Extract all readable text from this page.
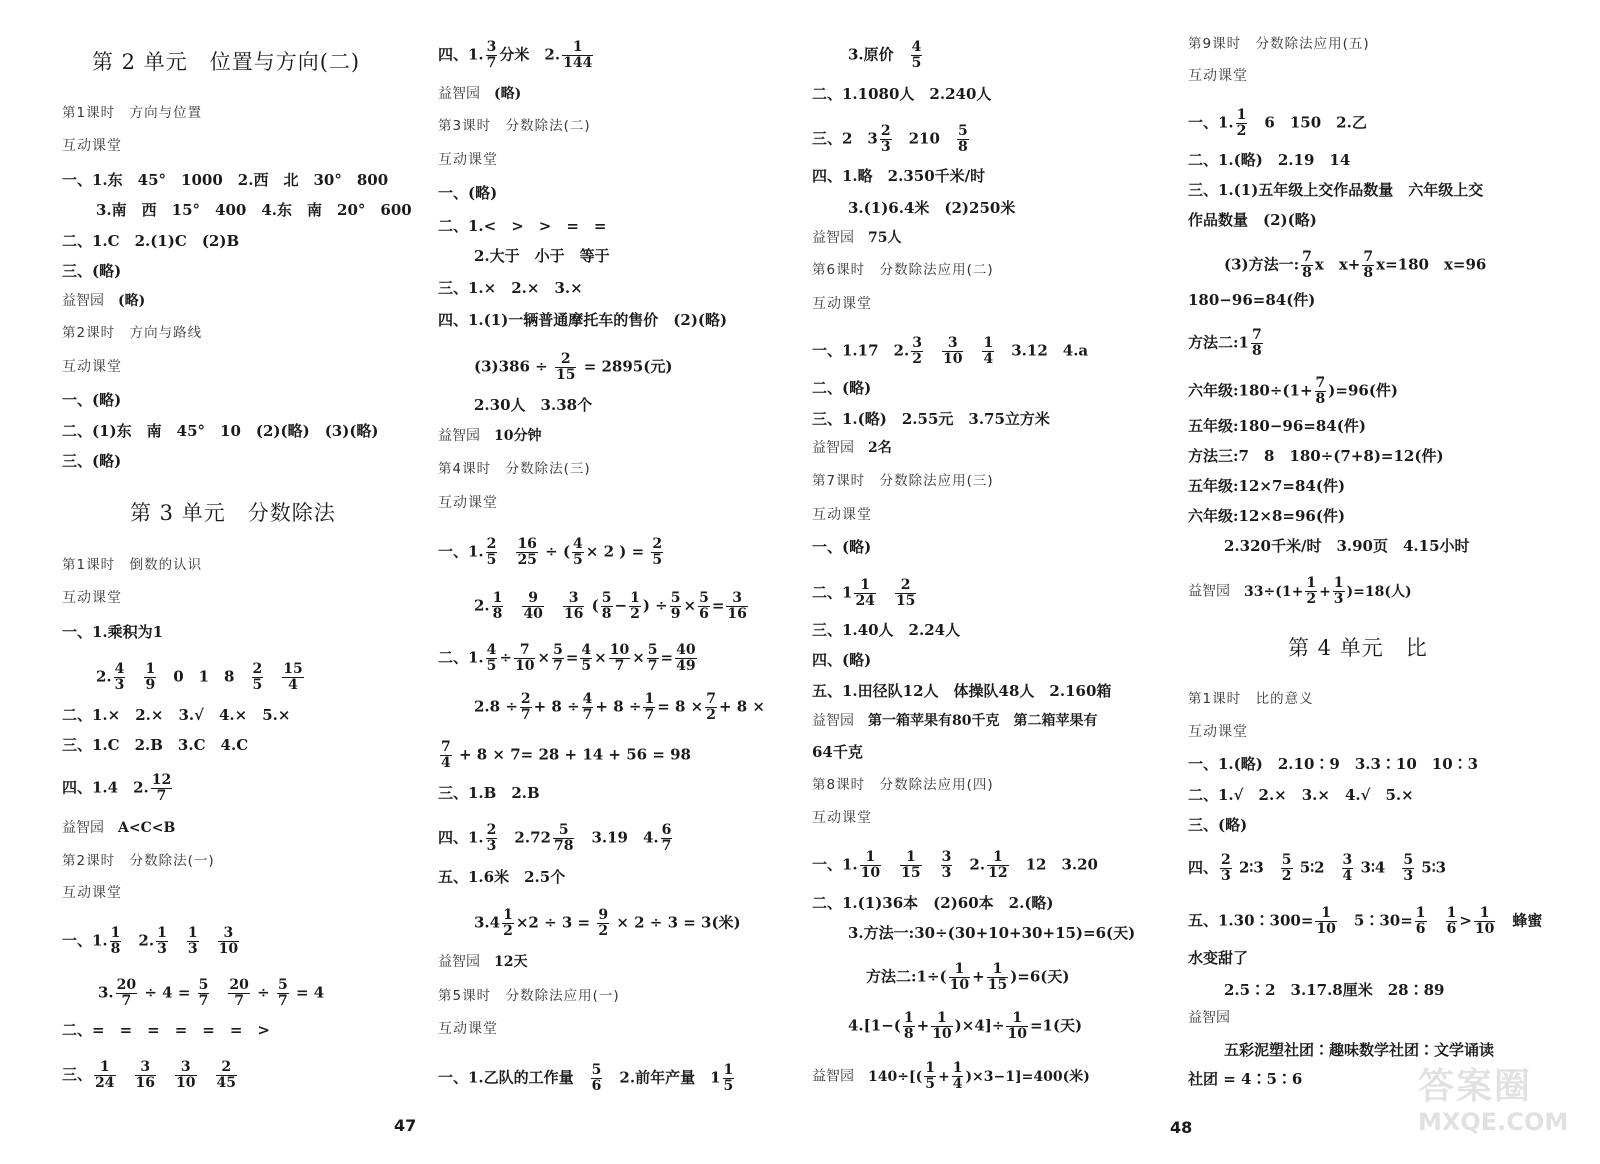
第 2 单元　位置与方向(二)
第1课时　方向与位置
互动课堂
一、1.东　45°　1000　2.西　北　30°　800
3.南　西　15°　400　4.东　南　20°　600
二、1.C　2.(1)C　(2)B
三、(略)
益智园　 (略)
第2课时　方向与路线
互动课堂
一、(略)
二、(1)东　南　45°　10　(2)(略)　(3)(略)
三、(略)
第 3 单元　分数除法
第1课时　倒数的认识
互动课堂
一、1.乘积为1
2. $\frac{4}{3}$
　 $\frac{1}{9}$ 　0　1　8　 $\frac{2}{5}$
　 $\frac{15}{4}$
二、1.×　2.×　3.√　4.×　5.×
三、1.C　2.B　3.C　4.C
四、1.4　2. $\frac{12}{7}$
益智园　 A<C<B
第2课时　分数除法(一)
互动课堂
一、1. $\frac{1}{8}$ 　2. $\frac{1}{3}$
　 $\frac{1}{3}$
　 $\frac{3}{10}$
3. $\frac{20}{7} \div 4 = \frac{5}{7}$
　 $\frac{20}{7} \div \frac{5}{7} = 4$
二、=　=　=　=　=　=　>
三、 $\frac{1}{24}$
　 $\frac{3}{16}$
　 $\frac{3}{10}$
　 $\frac{2}{45}$
四、1. $\frac{3}{7}$ 分米　2. $\frac{1}{144}$
益智园　 (略)
第3课时　分数除法(二)
互动课堂
一、(略)
二、1.<　>　>　=　=
2.大于　小于　等于
三、1.×　2.×　3.×
四、1.(1)一辆普通摩托车的售价　(2)(略)
$(3)386 \div \frac{2}{15} = 2895$(元)
2.30人　3.38个
益智园　 10分钟
第4课时　分数除法(三)
互动课堂
一、1. $\frac{2}{5}$
　 $\frac{16}{25}$ ÷ ( $\frac{4}{5} \times 2$ ) = $\frac{2}{5}$
2. $\frac{1}{8}$
　 $\frac{9}{40}$
　 $\frac{3}{16}$ ( $\frac{5}{8} - \frac{1}{2}$ ) ÷ $\frac{5}{9} \times \frac{5}{6} = \frac{3}{16}$
二、1. $\frac{4}{5} \div \frac{7}{10} \times \frac{5}{7} = \frac{4}{5} \times \frac{10}{7} \times \frac{5}{7} = \frac{40}{49}$
$2.8 \div \frac{2}{7} + 8 \div \frac{4}{7} + 8 \div \frac{1}{7} = 8 \times \frac{7}{2} + 8$ ×
$\frac{7}{4} + 8 \times 7= 28 + 14 + 56 = 98$
三、1.B　2.B
四、1. $\frac{2}{3}$ 　$2.72 \frac{5}{78}$ 　3.19　4. $\frac{6}{7}$
五、1.6米　2.5个
$3.4 \frac{1}{2} \times 2 \div 3 = \frac{9}{2} \times 2 \div 3 = 3$(米)
益智园　 12天
第5课时　分数除法应用(一)
互动课堂
一、1.乙队的工作量　 $\frac{5}{6}$ 　2.前年产量　$1 \frac{1}{5}$
3.原价　 $\frac{4}{5}$
二、1.1080人　2.240人
三、2　$3 \frac{2}{3}$ 　210　 $\frac{5}{8}$
四、1.略　2.350千米/时
3.(1)6.4米　(2)250米
益智园　 75人
第6课时　分数除法应用(二)
互动课堂
一、1.17　2. $\frac{3}{2}$
　 $\frac{3}{10}$
　 $\frac{1}{4}$ 　3.12　4.a
二、(略)
三、1.(略)　2.55元　3.75立方米
益智园　 2名
第7课时　分数除法应用(三)
互动课堂
一、(略)
二、$1 \frac{1}{24}$
　 $\frac{2}{15}$
三、1.40人　2.24人
四、(略)
五、1.田径队12人　体操队48人　2.160箱
益智园　 第一箱苹果有80千克　第二箱苹果有
64千克
第8课时　分数除法应用(四)
互动课堂
一、1. $\frac{1}{10}$
　 $\frac{1}{15}$
　 $\frac{3}{3}$ 　2. $\frac{1}{12}$ 　12　3.20
二、1.(1)36本　(2)60本　2.(略)
3.方法一:30÷(30+10+30+15)=6(天)
方法二:1÷( $\frac{1}{10} + \frac{1}{15} )=6$(天)
$4.[1-( \frac{1}{8} + \frac{1}{10} )\times 4]\div \frac{1}{10} =1$(天)
益智园　 $140\div[( \frac{1}{5} + \frac{1}{4} )\times 3-1]=400$(米)
第9课时　分数除法应用(五)
互动课堂
一、1. $\frac{1}{2}$ 　6　150　2.乙
二、1.(略)　2.19　14
三、1.(1)五年级上交作品数量　六年级上交
作品数量　(2)(略)
(3)方法一: $\frac{7}{8}$ x　$x+ \frac{7}{8} x=180$　x=96
180−96=84(件)
方法二:1 $\frac{7}{8}$
六年级:180÷(1+ $\frac{7}{8} )=96$(件)
五年级:180−96=84(件)
方法三:7　8　180÷(7+8)=12(件)
五年级:12×7=84(件)
六年级:12×8=96(件)
2.320千米/时　3.90页　4.15小时
益智园　 $33\div(1+ \frac{1}{2} + \frac{1}{3} )=18$(人)
第 4 单元　比
第1课时　比的意义
互动课堂
一、1.(略)　2.10∶9　3.3∶10　10∶3
二、1.√　2.×　3.×　4.√　5.×
三、(略)
四、 $\frac{2}{3}$ 2∶3　 $\frac{5}{2}$ 5∶2　 $\frac{3}{4}$ 3∶4　 $\frac{5}{3}$ 5∶3
五、1.30∶300= $\frac{1}{10}$ 　5∶30= $\frac{1}{6}$
　 $\frac{1}{6} > \frac{1}{10}$ 　蜂蜜
水变甜了
2.5∶2　3.17.8厘米　28∶89
益智园
五彩泥塑社团∶趣味数学社团∶文学诵读
社团 = 4∶5∶6
47	48
答案圈
MXQE.COM
